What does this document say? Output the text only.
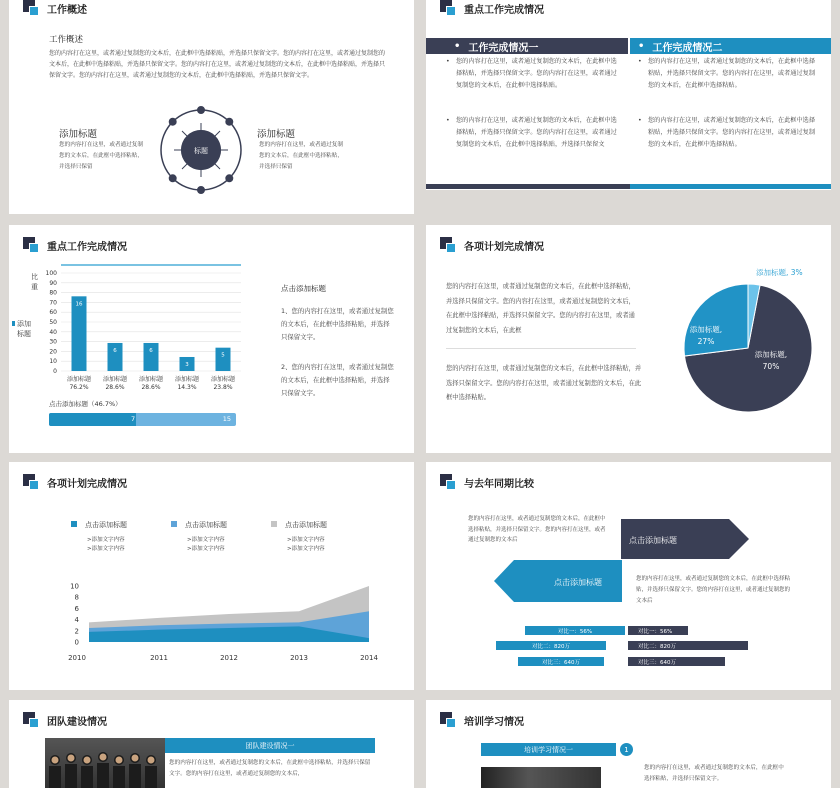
工作概述
工作概述
您的内容打在这里，或者通过复制您的文本后，在此框中选择粘贴，并选择只保留文字。您的内容打在这里，或者通过复制您的文本后，在此框中选择粘贴，并选择只保留文字。您的内容打在这里，或者通过复制您的文本后，在此框中选择粘贴，并选择只保留文字。您的内容打在这里，或者通过复制您的文本后，在此框中选择粘贴，并选择只保留文字。
标题
添加标题
您的内容打在这里，或者通过复制您的文本后，在此框中选择粘贴，并选择只保留
添加标题
您的内容打在这里，或者通过复制您的文本后，在此框中选择粘贴，并选择只保留
重点工作完成情况
• 工作完成情况一	• 工作完成情况二
• 您的内容打在这里，或者通过复制您的文本后，在此框中选择粘贴，并选择只保留文字。您的内容打在这里，或者通过复制您的文本后，在此框中选择粘贴。
• 您的内容打在这里，或者通过复制您的文本后，在此框中选择粘贴，并选择只保留文字。您的内容打在这里，或者通过复制您的文本后，在此框中选择粘贴，并选择只保留文
• 您的内容打在这里，或者通过复制您的文本后，在此框中选择粘贴，并选择只保留文字。您的内容打在这里，或者通过复制您的文本后，在此框中选择粘贴。
• 您的内容打在这里，或者通过复制您的文本后，在此框中选择粘贴，并选择只保留文字。您的内容打在这里，或者通过复制您的文本后，在此框中选择粘贴。
重点工作完成情况
0
10
20
30
40
50
60
70
80
90
100
比
重
添加
标题
16
添加标题
76.2%
6
添加标题
28.6%
6
添加标题
28.6%
3
添加标题
14.3%
5
添加标题
23.8%
点击添加标题（46.7%）
7	15
点击添加标题
1、您的内容打在这里，或者通过复制您的文本后，在此框中选择粘贴，并选择只保留文字。
2、您的内容打在这里，或者通过复制您的文本后，在此框中选择粘贴，并选择只保留文字。
各项计划完成情况
您的内容打在这里，或者通过复制您的文本后，在此框中选择粘贴，并选择只保留文字。您的内容打在这里，或者通过复制您的文本后，在此框中选择粘贴，并选择只保留文字。您的内容打在这里，或者通过复制您的文本后，在此框
您的内容打在这里，或者通过复制您的文本后，在此框中选择粘贴，并选择只保留文字。您的内容打在这里，或者通过复制您的文本后，在此框中选择粘贴。
添加标题,
70%
添加标题,
27%
添加标题, 3%
各项计划完成情况
点击添加标题
>添加文字内容
>添加文字内容
点击添加标题
>添加文字内容
>添加文字内容
点击添加标题
>添加文字内容
>添加文字内容
0
2
4
6
8
10
2010	2011	2012	2013	2014
与去年同期比较
您的内容打在这里，或者通过复制您的文本后，在此框中选择粘贴，并选择只保留文字。您的内容打在这里，或者通过复制您的文本后	点击添加标题
点击添加标题	您的内容打在这里，或者通过复制您的文本后，在此框中选择粘贴，并选择只保留文字。您的内容打在这里，或者通过复制您的文本后
对比一：56%
对比二：820万
对比三：640万
对比一：56%
对比二：820万
对比三：640万
团队建设情况
团队建设情况一
您的内容打在这里，或者通过复制您的文本后，在此框中选择粘贴，并选择只保留文字。您的内容打在这里，或者通过复制您的文本后，
培训学习情况
培训学习情况一	1
您的内容打在这里，或者通过复制您的文本后，在此框中选择粘贴，并选择只保留文字。
